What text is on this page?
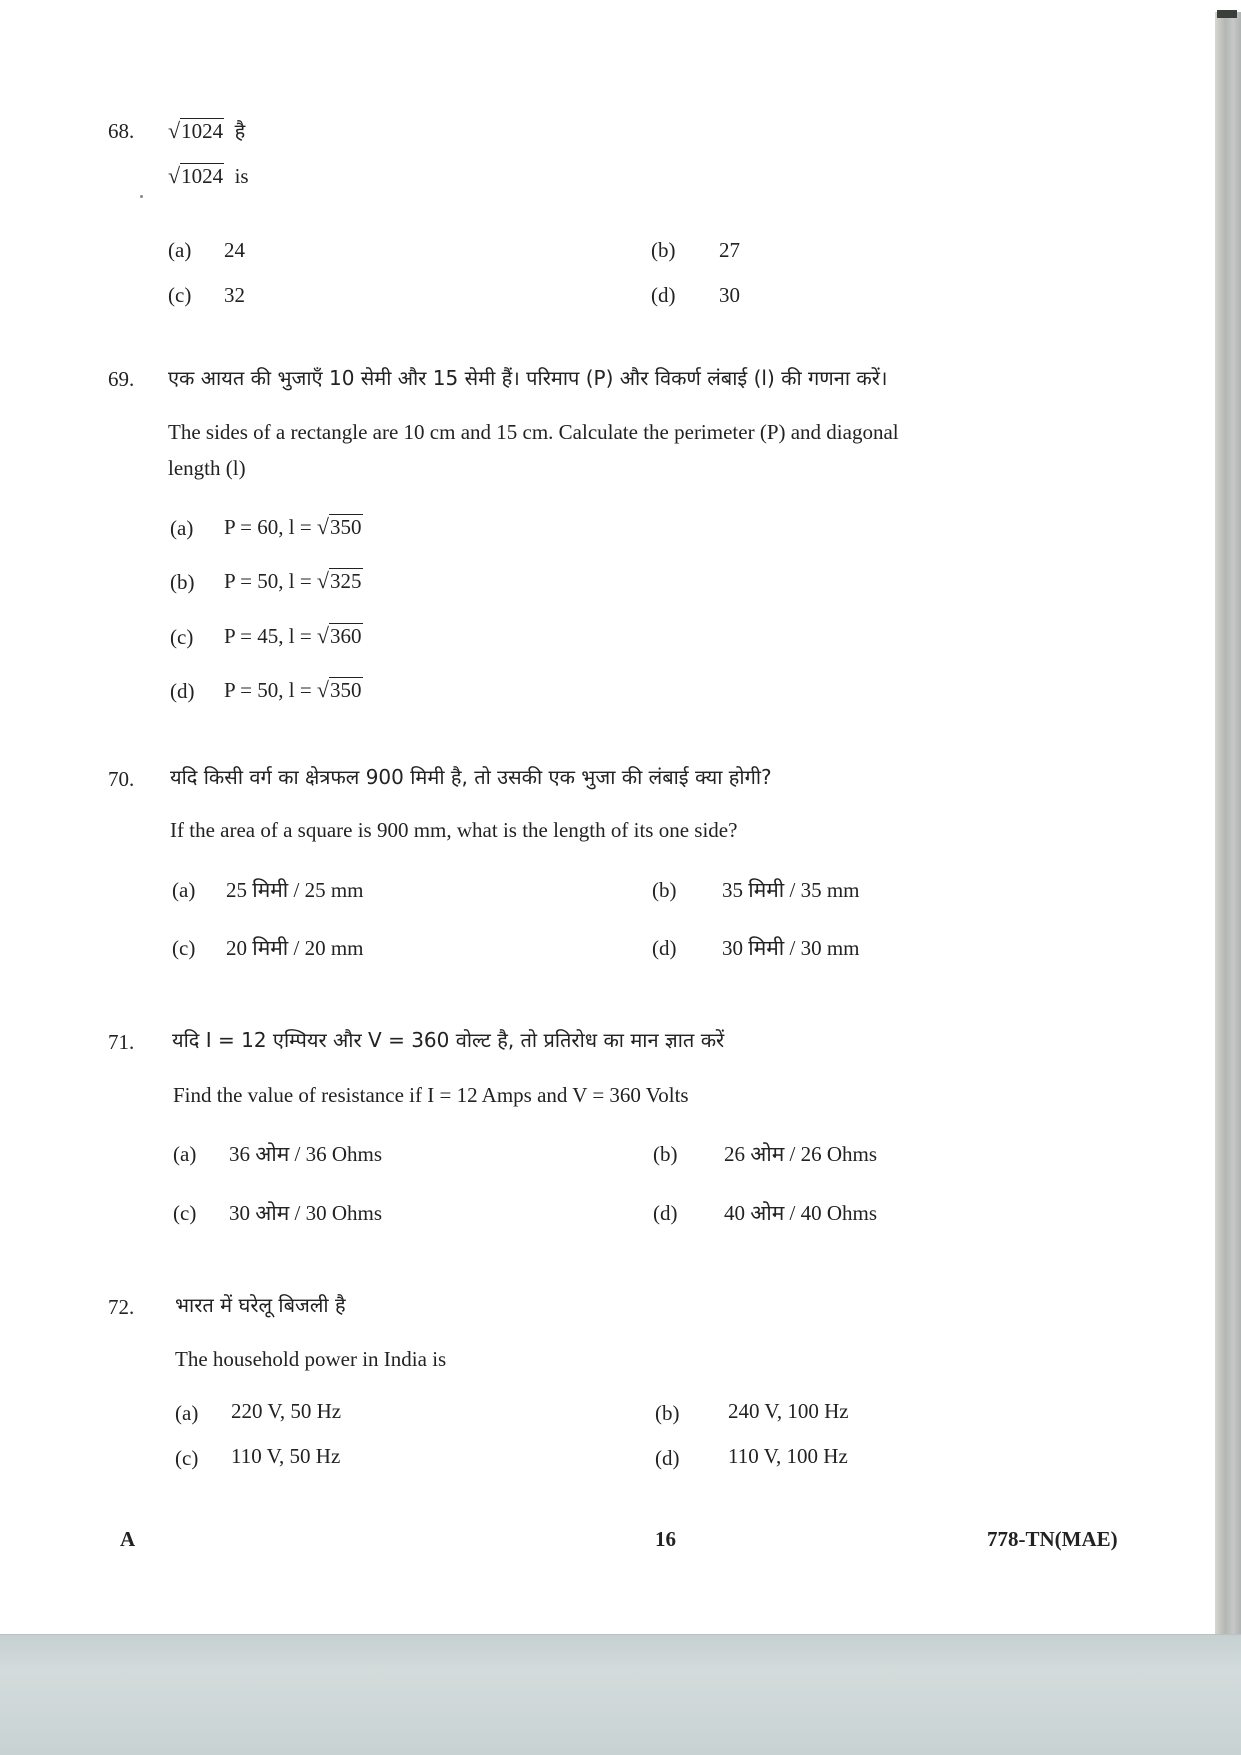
68. √1024 है
√1024 is
(a) 24	(b) 27
(c) 32	(d) 30
69. एक आयत की भुजाएँ 10 सेमी और 15 सेमी हैं। परिमाप (P) और विकर्ण लंबाई (l) की गणना करें।
The sides of a rectangle are 10 cm and 15 cm. Calculate the perimeter (P) and diagonal
length (l)
(a) P = 60, l = √350
(b) P = 50, l = √325
(c) P = 45, l = √360
(d) P = 50, l = √350
70. यदि किसी वर्ग का क्षेत्रफल 900 मिमी है, तो उसकी एक भुजा की लंबाई क्या होगी?
If the area of a square is 900 mm, what is the length of its one side?
(a) 25 मिमी / 25 mm	(b) 35 मिमी / 35 mm
(c) 20 मिमी / 20 mm	(d) 30 मिमी / 30 mm
71. यदि I = 12 एम्पियर और V = 360 वोल्ट है, तो प्रतिरोध का मान ज्ञात करें
Find the value of resistance if I = 12 Amps and V = 360 Volts
(a) 36 ओम / 36 Ohms	(b) 26 ओम / 26 Ohms
(c) 30 ओम / 30 Ohms	(d) 40 ओम / 40 Ohms
72. भारत में घरेलू बिजली है
The household power in India is
(a) 220 V, 50 Hz	(b) 240 V, 100 Hz
(c) 110 V, 50 Hz	(d) 110 V, 100 Hz
A	16	778-TN(MAE)
